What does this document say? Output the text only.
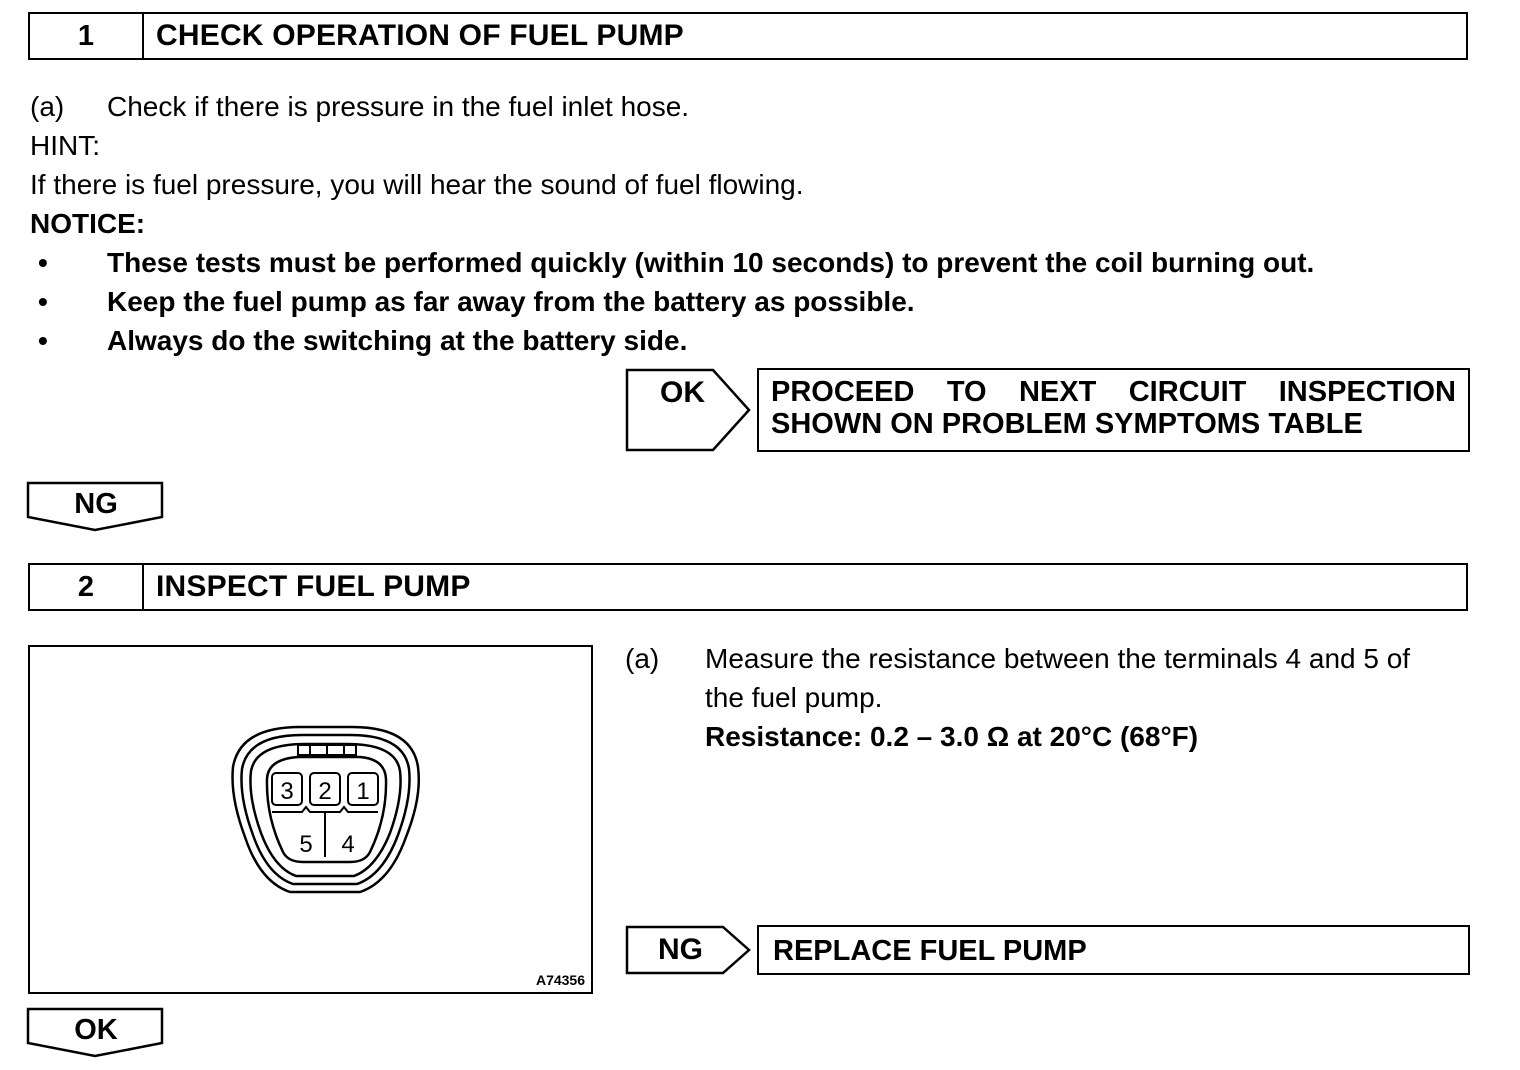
1	CHECK OPERATION OF FUEL PUMP
(a) Check if there is pressure in the fuel inlet hose.
HINT:
If there is fuel pressure, you will hear the sound of fuel flowing.
NOTICE:
• These tests must be performed quickly (within 10 seconds) to prevent the coil burning out.
• Keep the fuel pump as far away from the battery as possible.
• Always do the switching at the battery side.
OK PROCEED TO NEXT CIRCUIT INSPECTION
SHOWN ON PROBLEM SYMPTOMS TABLE
NG
2	INSPECT FUEL PUMP
3 2 1
5 4
A74356
(a) Measure the resistance between the terminals 4 and 5 of
the fuel pump.
Resistance: 0.2 – 3.0 Ω at 20°C (68°F)
NG REPLACE FUEL PUMP
OK
